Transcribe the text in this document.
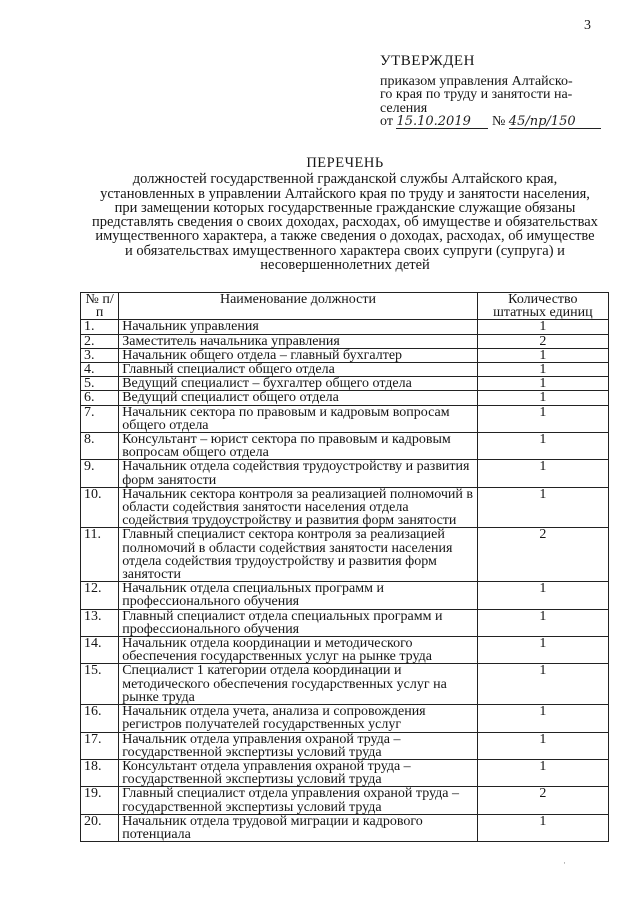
3
УТВЕРЖДЕН
приказом управления Алтайско-
го края по труду и занятости на-
селения
от 15.10.2019 № 45/пр/150
ПЕРЕЧЕНЬ
должностей государственной гражданской службы Алтайского края, установленных в управлении Алтайского края по труду и занятости населения, при замещении которых государственные гражданские служащие обязаны представлять сведения о своих доходах, расходах, об имуществе и обязательствах имущественного характера, а также сведения о доходах, расходах, об имуществе и обязательствах имущественного характера своих супруги (супруга) и несовершеннолетних детей
№ п/п	Наименование должности	Количество штатных единиц
1.	Начальник управления	1
2.	Заместитель начальника управления	2
3.	Начальник общего отдела – главный бухгалтер	1
4.	Главный специалист общего отдела	1
5.	Ведущий специалист – бухгалтер общего отдела	1
6.	Ведущий специалист общего отдела	1
7.	Начальник сектора по правовым и кадровым вопросам общего отдела	1
8.	Консультант – юрист сектора по правовым и кадровым вопросам общего отдела	1
9.	Начальник отдела содействия трудоустройству и развития форм занятости	1
10.	Начальник сектора контроля за реализацией полномочий в области содействия занятости населения отдела содействия трудоустройству и развития форм занятости	1
11.	Главный специалист сектора контроля за реализацией полномочий в области содействия занятости населения отдела содействия трудоустройству и развития форм занятости	2
12.	Начальник отдела специальных программ и профессионального обучения	1
13.	Главный специалист отдела специальных программ и профессионального обучения	1
14.	Начальник отдела координации и методического обеспечения государственных услуг на рынке труда	1
15.	Специалист 1 категории отдела координации и методического обеспечения государственных услуг на рынке труда	1
16.	Начальник отдела учета, анализа и сопровождения регистров получателей государственных услуг	1
17.	Начальник отдела управления охраной труда – государственной экспертизы условий труда	1
18.	Консультант отдела управления охраной труда – государственной экспертизы условий труда	1
19.	Главный специалист отдела управления охраной труда – государственной экспертизы условий труда	2
20.	Начальник отдела трудовой миграции и кадрового потенциала	1
·
